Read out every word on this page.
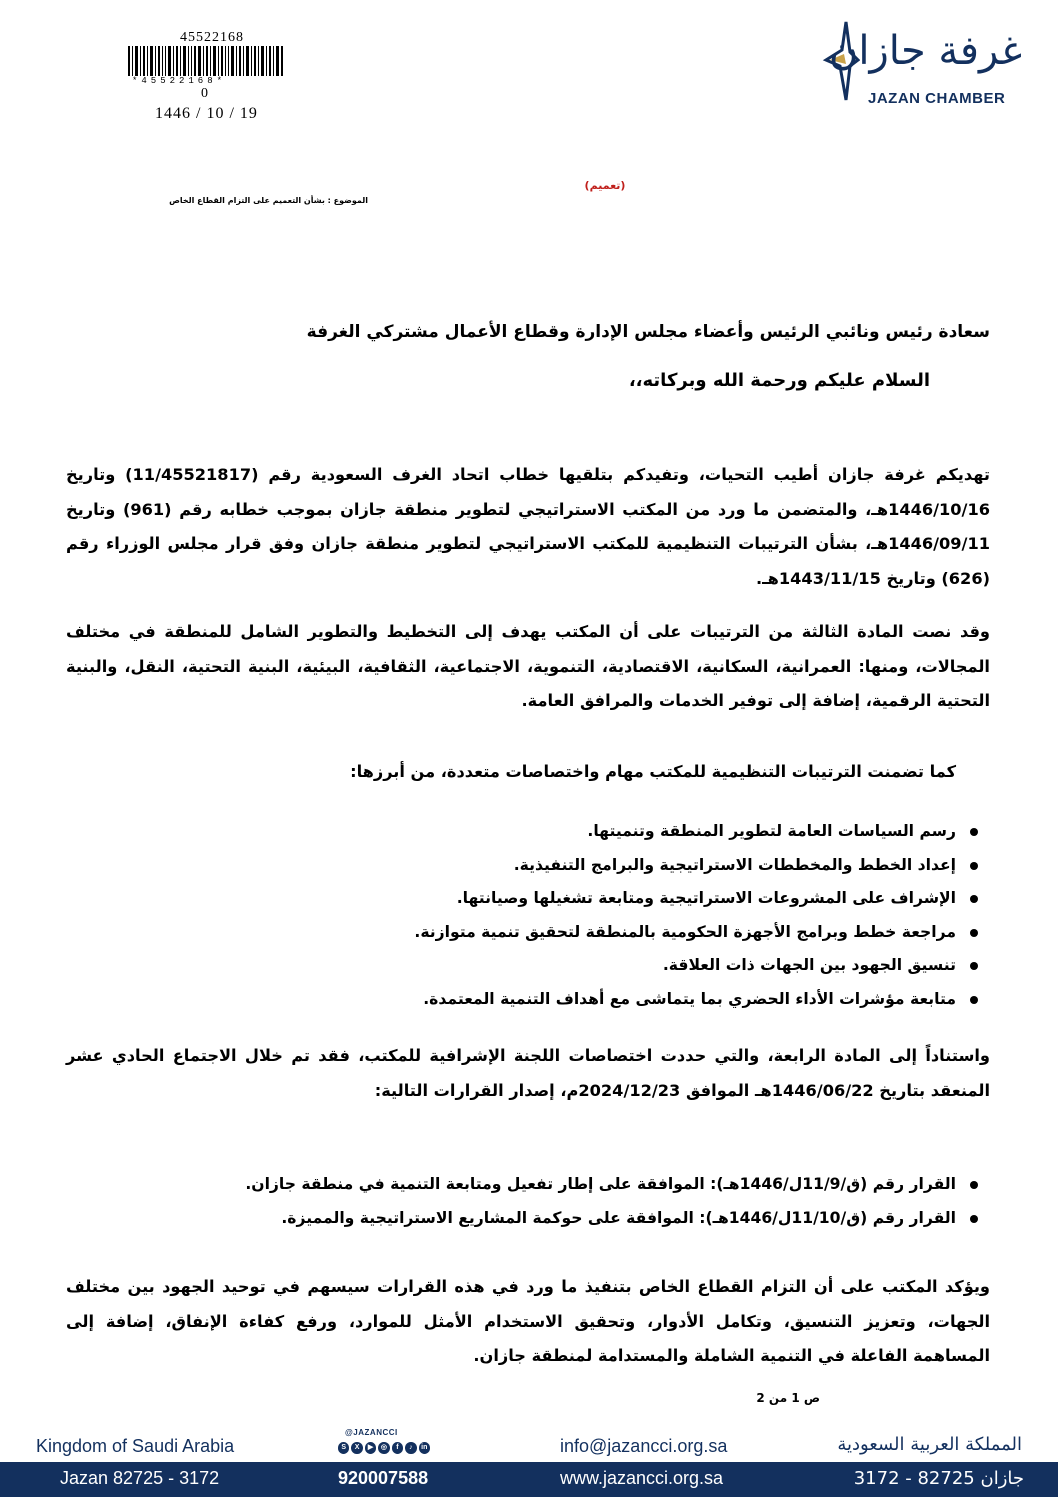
45522168
*45522168*
0
1446 / 10 / 19
غرفة جازان
JAZAN CHAMBER
(تعميم)
الموضوع : بشأن التعميم على التزام القطاع الخاص
سعادة رئيس ونائبي الرئيس وأعضاء مجلس الإدارة وقطاع الأعمال مشتركي الغرفة
السلام عليكم ورحمة الله وبركاته،،
تهديكم غرفة جازان أطيب التحيات، وتفيدكم بتلقيها خطاب اتحاد الغرف السعودية رقم (11/45521817) وتاريخ 1446/10/16هـ، والمتضمن ما ورد من المكتب الاستراتيجي لتطوير منطقة جازان بموجب خطابه رقم (961) وتاريخ 1446/09/11هـ، بشأن الترتيبات التنظيمية للمكتب الاستراتيجي لتطوير منطقة جازان وفق قرار مجلس الوزراء رقم (626) وتاريخ 1443/11/15هـ.
وقد نصت المادة الثالثة من الترتيبات على أن المكتب يهدف إلى التخطيط والتطوير الشامل للمنطقة في مختلف المجالات، ومنها: العمرانية، السكانية، الاقتصادية، التنموية، الاجتماعية، الثقافية، البيئية، البنية التحتية، النقل، والبنية التحتية الرقمية، إضافة إلى توفير الخدمات والمرافق العامة.
كما تضمنت الترتيبات التنظيمية للمكتب مهام واختصاصات متعددة، من أبرزها:
رسم السياسات العامة لتطوير المنطقة وتنميتها.
إعداد الخطط والمخططات الاستراتيجية والبرامج التنفيذية.
الإشراف على المشروعات الاستراتيجية ومتابعة تشغيلها وصيانتها.
مراجعة خطط وبرامج الأجهزة الحكومية بالمنطقة لتحقيق تنمية متوازنة.
تنسيق الجهود بين الجهات ذات العلاقة.
متابعة مؤشرات الأداء الحضري بما يتماشى مع أهداف التنمية المعتمدة.
واستناداً إلى المادة الرابعة، والتي حددت اختصاصات اللجنة الإشرافية للمكتب، فقد تم خلال الاجتماع الحادي عشر المنعقد بتاريخ 1446/06/22هـ الموافق 2024/12/23م، إصدار القرارات التالية:
القرار رقم (ق/11/9ل/1446هـ): الموافقة على إطار تفعيل ومتابعة التنمية في منطقة جازان.
القرار رقم (ق/11/10ل/1446هـ): الموافقة على حوكمة المشاريع الاستراتيجية والمميزة.
ويؤكد المكتب على أن التزام القطاع الخاص بتنفيذ ما ورد في هذه القرارات سيسهم في توحيد الجهود بين مختلف الجهات، وتعزيز التنسيق، وتكامل الأدوار، وتحقيق الاستخدام الأمثل للموارد، ورفع كفاءة الإنفاق، إضافة إلى المساهمة الفاعلة في التنمية الشاملة والمستدامة لمنطقة جازان.
ص 1 من 2
Kingdom of Saudi Arabia
@JAZANCCI
S	X	▶	◎	f	♪	in	info@jazancci.org.sa	المملكة العربية السعودية
Jazan 82725 - 3172	920007588	www.jazancci.org.sa	جازان 82725 - 3172
